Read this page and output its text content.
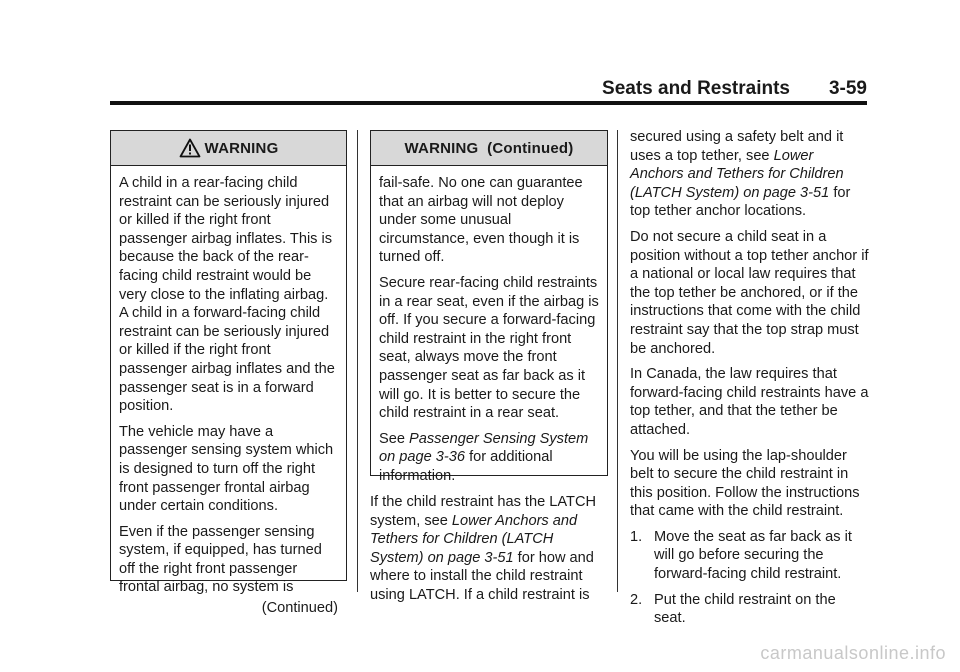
Seats and Restraints 3-59
WARNING

A child in a rear-facing child restraint can be seriously injured or killed if the right front passenger airbag inflates. This is because the back of the rear-facing child restraint would be very close to the inflating airbag. A child in a forward-facing child restraint can be seriously injured or killed if the right front passenger airbag inflates and the passenger seat is in a forward position.

The vehicle may have a passenger sensing system which is designed to turn off the right front passenger frontal airbag under certain conditions.

Even if the passenger sensing system, if equipped, has turned off the right front passenger frontal airbag, no system is

(Continued)

WARNING  (Continued)

fail-safe. No one can guarantee that an airbag will not deploy under some unusual circumstance, even though it is turned off.

Secure rear-facing child restraints in a rear seat, even if the airbag is off. If you secure a forward-facing child restraint in the right front seat, always move the front passenger seat as far back as it will go. It is better to secure the child restraint in a rear seat.

See Passenger Sensing System on page 3-36 for additional information.

If the child restraint has the LATCH system, see Lower Anchors and Tethers for Children (LATCH System) on page 3-51 for how and where to install the child restraint using LATCH. If a child restraint is

secured using a safety belt and it uses a top tether, see Lower Anchors and Tethers for Children (LATCH System) on page 3-51 for top tether anchor locations.

Do not secure a child seat in a position without a top tether anchor if a national or local law requires that the top tether be anchored, or if the instructions that come with the child restraint say that the top strap must be anchored.

In Canada, the law requires that forward-facing child restraints have a top tether, and that the tether be attached.

You will be using the lap-shoulder belt to secure the child restraint in this position. Follow the instructions that came with the child restraint.

1. Move the seat as far back as it will go before securing the forward-facing child restraint.
2. Put the child restraint on the seat.
carmanualsonline.info
